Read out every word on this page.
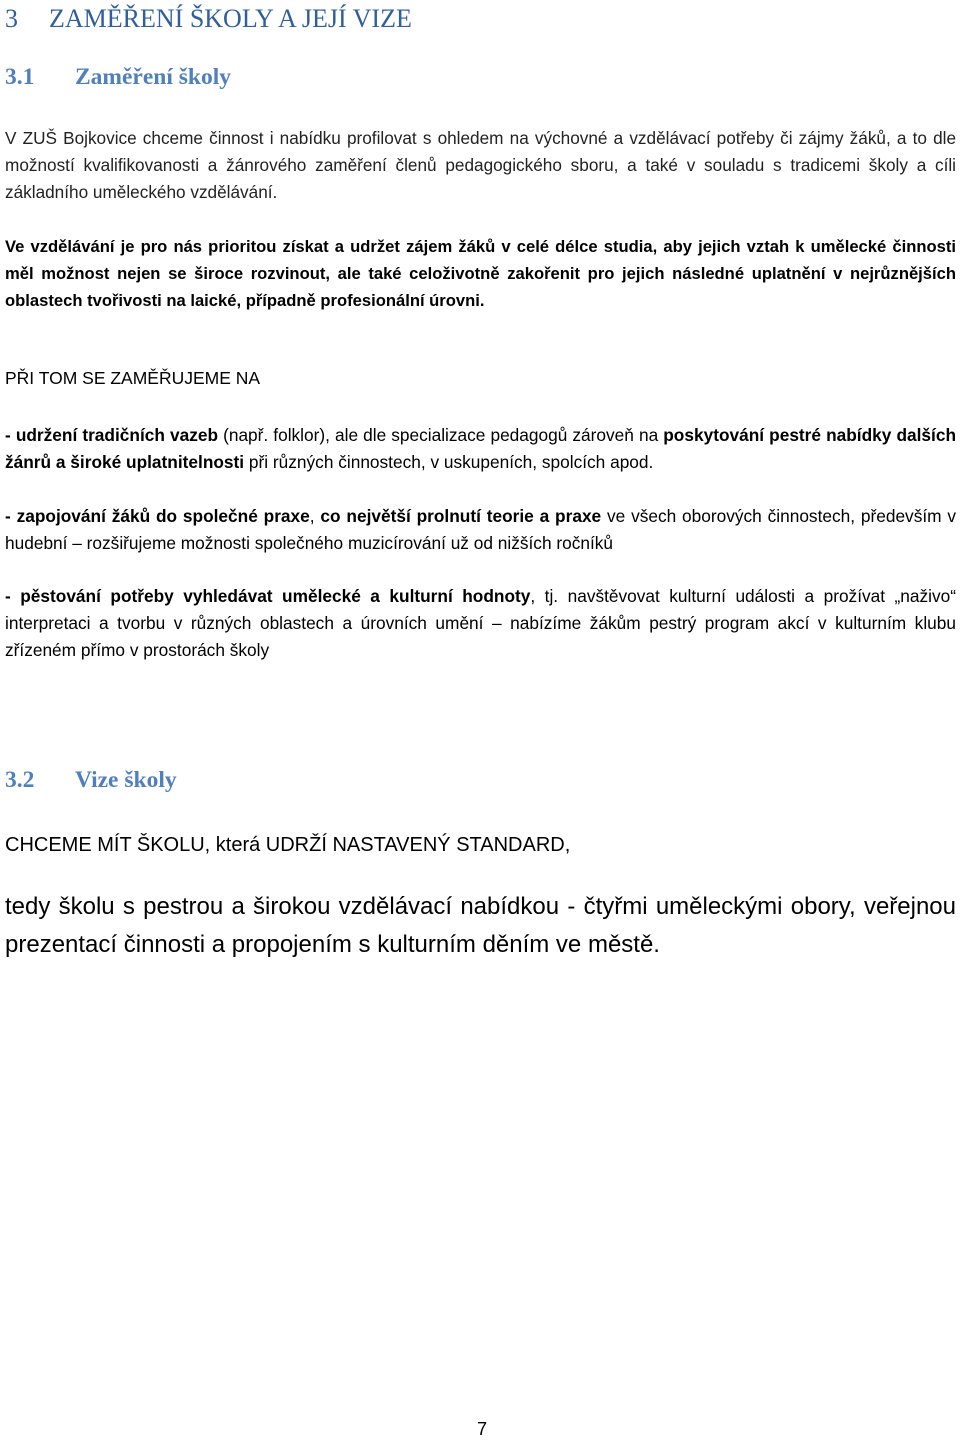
3 ZAMĚŘENÍ ŠKOLY A JEJÍ VIZE
3.1 Zaměření školy

V ZUŠ Bojkovice chceme činnost i nabídku profilovat s ohledem na výchovné a vzdělávací potřeby či zájmy žáků, a to dle možností kvalifikovanosti a žánrového zaměření členů pedagogického sboru, a také v souladu s tradicemi školy a cíli základního uměleckého vzdělávání.

Ve vzdělávání je pro nás prioritou získat a udržet zájem žáků v celé délce studia, aby jejich vztah k umělecké činnosti měl možnost nejen se široce rozvinout, ale také celoživotně zakořenit pro jejich následné uplatnění v nejrůznějších oblastech tvořivosti na laické, případně profesionální úrovni.

PŘI TOM SE ZAMĚŘUJEME NA

- udržení tradičních vazeb (např. folklor), ale dle specializace pedagogů zároveň na poskytování pestré nabídky dalších žánrů a široké uplatnitelnosti při různých činnostech, v uskupeních, spolcích apod.

- zapojování žáků do společné praxe, co největší prolnutí teorie a praxe ve všech oborových činnostech, především v hudební – rozšiřujeme možnosti společného muzicírování už od nižších ročníků

- pěstování potřeby vyhledávat umělecké a kulturní hodnoty, tj. navštěvovat kulturní události a prožívat „naživo“ interpretaci a tvorbu v různých oblastech a úrovních umění – nabízíme žákům pestrý program akcí v kulturním klubu zřízeném přímo v prostorách školy

3.2 Vize školy

CHCEME MÍT ŠKOLU, která UDRŽÍ NASTAVENÝ STANDARD,

tedy školu s pestrou a širokou vzdělávací nabídkou - čtyřmi uměleckými obory, veřejnou prezentací činnosti a propojením s kulturním děním ve městě.

7
